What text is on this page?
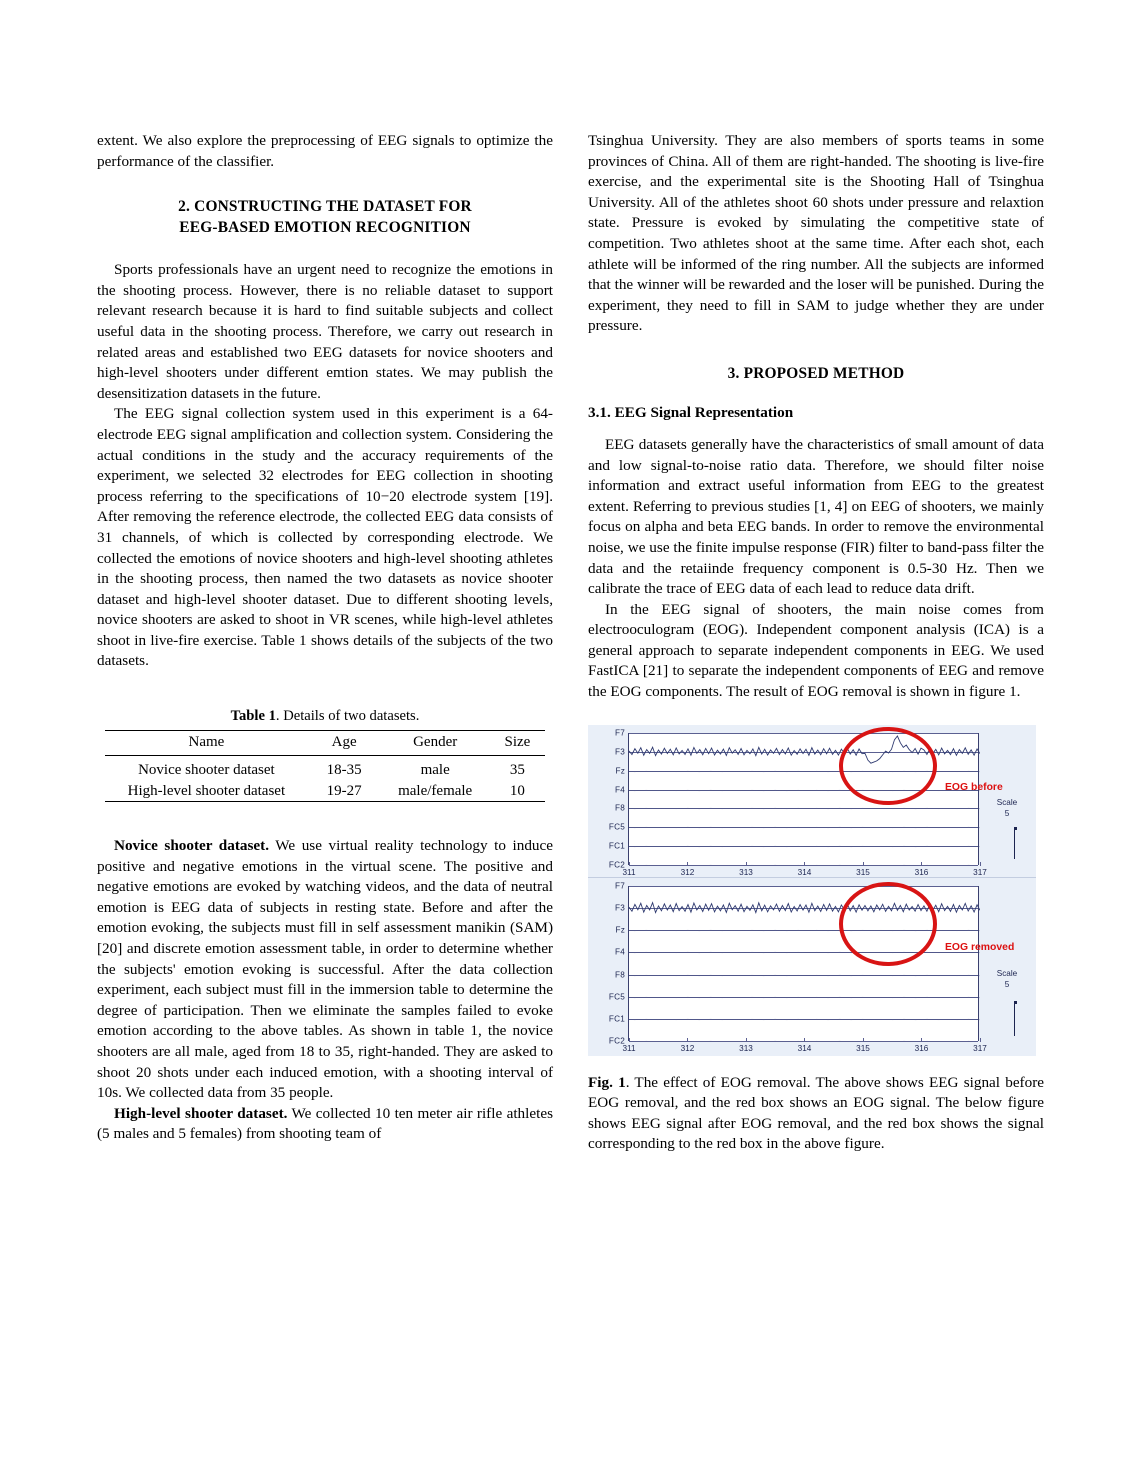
extent. We also explore the preprocessing of EEG signals to optimize the performance of the classifier.

2. CONSTRUCTING THE DATASET FOR
EEG-BASED EMOTION RECOGNITION

Sports professionals have an urgent need to recognize the emotions in the shooting process. However, there is no reliable dataset to support relevant research because it is hard to find suitable subjects and collect useful data in the shooting process. Therefore, we carry out research in related areas and established two EEG datasets for novice shooters and high-level shooters under different emtion states. We may publish the desensitization datasets in the future.

The EEG signal collection system used in this experiment is a 64-electrode EEG signal amplification and collection system. Considering the actual conditions in the study and the accuracy requirements of the experiment, we selected 32 electrodes for EEG collection in shooting process referring to the specifications of 10−20 electrode system [19]. After removing the reference electrode, the collected EEG data consists of 31 channels, of which is collected by corresponding electrode. We collected the emotions of novice shooters and high-level shooting athletes in the shooting process, then named the two datasets as novice shooter dataset and high-level shooter dataset. Due to different shooting levels, novice shooters are asked to shoot in VR scenes, while high-level athletes shoot in live-fire exercise. Table 1 shows details of the subjects of the two datasets.

Table 1. Details of two datasets.
Name	Age	Gender	Size
Novice shooter dataset	18-35	male	35
High-level shooter dataset	19-27	male/female	10

Novice shooter dataset. We use virtual reality technology to induce positive and negative emotions in the virtual scene. The positive and negative emotions are evoked by watching videos, and the data of neutral emotion is EEG data of subjects in resting state. Before and after the emotion evoking, the subjects must fill in self assessment manikin (SAM) [20] and discrete emotion assessment table, in order to determine whether the subjects' emotion evoking is successful. After the data collection experiment, each subject must fill in the immersion table to determine the degree of participation. Then we eliminate the samples failed to evoke emotion according to the above tables. As shown in table 1, the novice shooters are all male, aged from 18 to 35, right-handed. They are asked to shoot 20 shots under each induced emotion, with a shooting interval of 10s. We collected data from 35 people.

High-level shooter dataset. We collected 10 ten meter air rifle athletes (5 males and 5 females) from shooting team of

Tsinghua University. They are also members of sports teams in some provinces of China. All of them are right-handed. The shooting is live-fire exercise, and the experimental site is the Shooting Hall of Tsinghua University. All of the athletes shoot 60 shots under pressure and relaxtion state. Pressure is evoked by simulating the competitive state of competition. Two athletes shoot at the same time. After each shot, each athlete will be informed of the ring number. All the subjects are informed that the winner will be rewarded and the loser will be punished. During the experiment, they need to fill in SAM to judge whether they are under pressure.

3. PROPOSED METHOD
3.1. EEG Signal Representation

EEG datasets generally have the characteristics of small amount of data and low signal-to-noise ratio data. Therefore, we should filter noise information and extract useful information from EEG to the greatest extent. Referring to previous studies [1, 4] on EEG of shooters, we mainly focus on alpha and beta EEG bands. In order to remove the environmental noise, we use the finite impulse response (FIR) filter to band-pass filter the data and the retaiinde frequency component is 0.5-30 Hz. Then we calibrate the trace of EEG data of each lead to reduce data drift.

In the EEG signal of shooters, the main noise comes from electrooculogram (EOG). Independent component analysis (ICA) is a general approach to separate independent components in EEG. We used FastICA [21] to separate the independent components of EEG and remove the EOG components. The result of EOG removal is shown in figure 1.

F7
F3
Fz
F4
F8
FC5
FC1
FC2
311	312	313	314	315	316	317
Scale
5
EOG before
F7
F3
Fz
F4
F8
FC5
FC1
FC2
311	312	313	314	315	316	317
Scale
5
EOG removed
Fig. 1. The effect of EOG removal. The above shows EEG signal before EOG removal, and the red box shows an EOG signal. The below figure shows EEG signal after EOG removal, and the red box shows the signal corresponding to the red box in the above figure.
